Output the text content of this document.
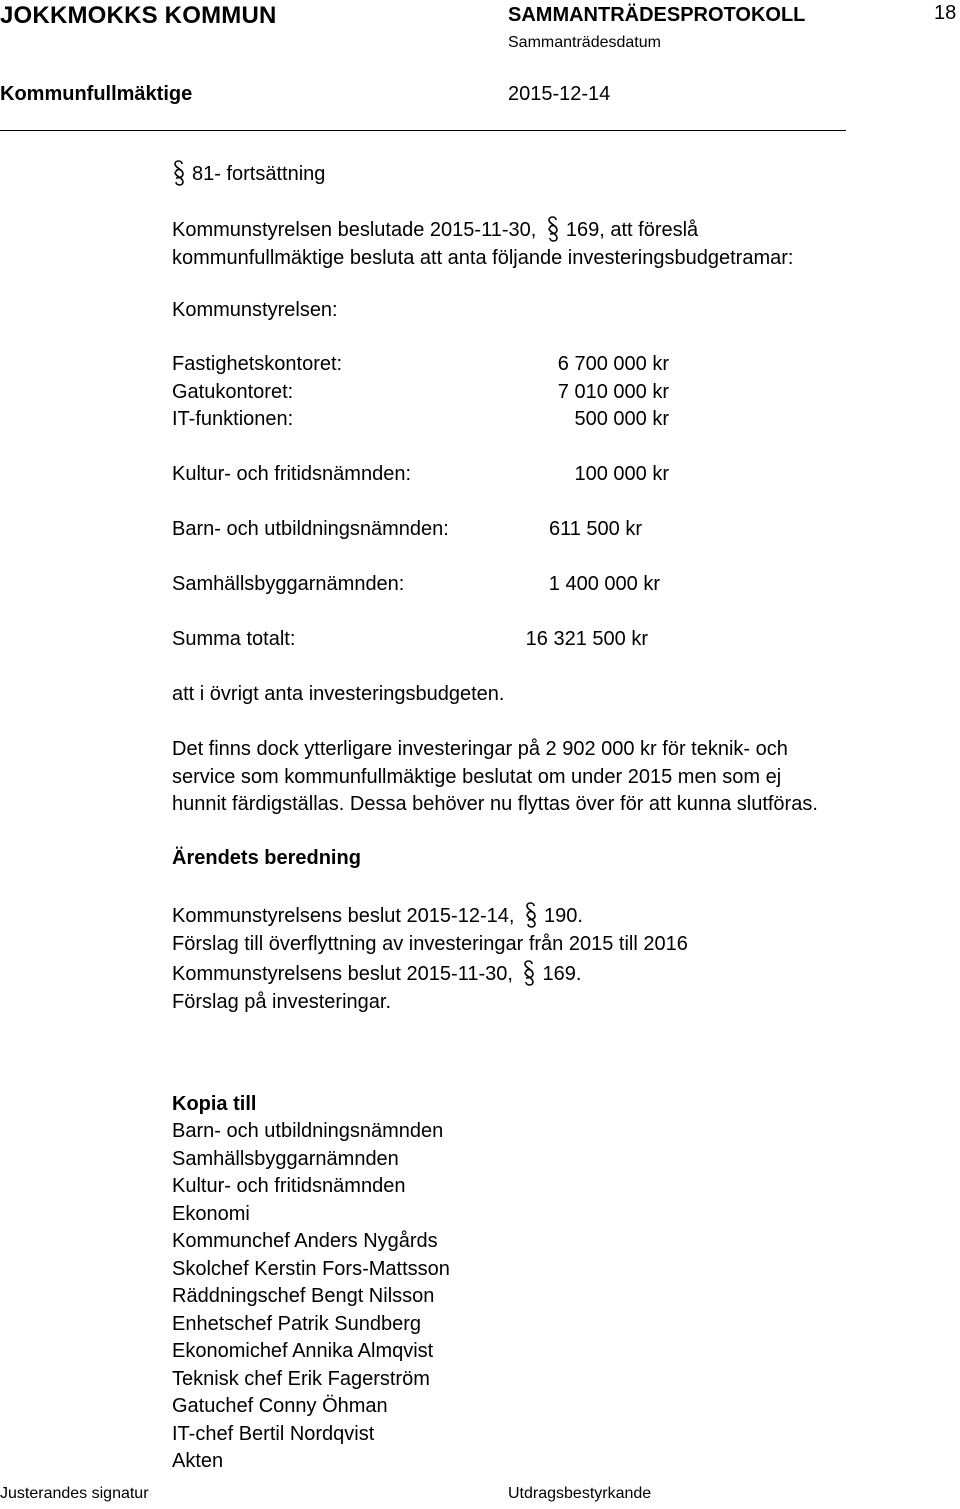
JOKKMOKKS KOMMUN	SAMMANTRÄDESPROTOKOLL	18
Sammanträdesdatum
Kommunfullmäktige	2015-12-14
81- fortsättning
Kommunstyrelsen beslutade 2015-11-30, 169, att föreslå
kommunfullmäktige besluta att anta följande investeringsbudgetramar:
Kommunstyrelsen:
Fastighetskontoret:	6 700 000 kr
Gatukontoret:	7 010 000 kr
IT-funktionen:	500 000 kr
Kultur- och fritidsnämnden:	100 000 kr
Barn- och utbildningsnämnden:	611 500 kr
Samhällsbyggarnämnden:	1 400 000 kr
Summa totalt:	16 321 500 kr
att i övrigt anta investeringsbudgeten.
Det finns dock ytterligare investeringar på 2 902 000 kr för teknik- och
service som kommunfullmäktige beslutat om under 2015 men som ej
hunnit färdigställas. Dessa behöver nu flyttas över för att kunna slutföras.
Ärendets beredning
Kommunstyrelsens beslut 2015-12-14, 190.
Förslag till överflyttning av investeringar från 2015 till 2016
Kommunstyrelsens beslut 2015-11-30, 169.
Förslag på investeringar.
Kopia till
Barn- och utbildningsnämnden
Samhällsbyggarnämnden
Kultur- och fritidsnämnden
Ekonomi
Kommunchef Anders Nygårds
Skolchef Kerstin Fors-Mattsson
Räddningschef Bengt Nilsson
Enhetschef Patrik Sundberg
Ekonomichef Annika Almqvist
Teknisk chef Erik Fagerström
Gatuchef Conny Öhman
IT-chef Bertil Nordqvist
Akten
Justerandes signatur	Utdragsbestyrkande
